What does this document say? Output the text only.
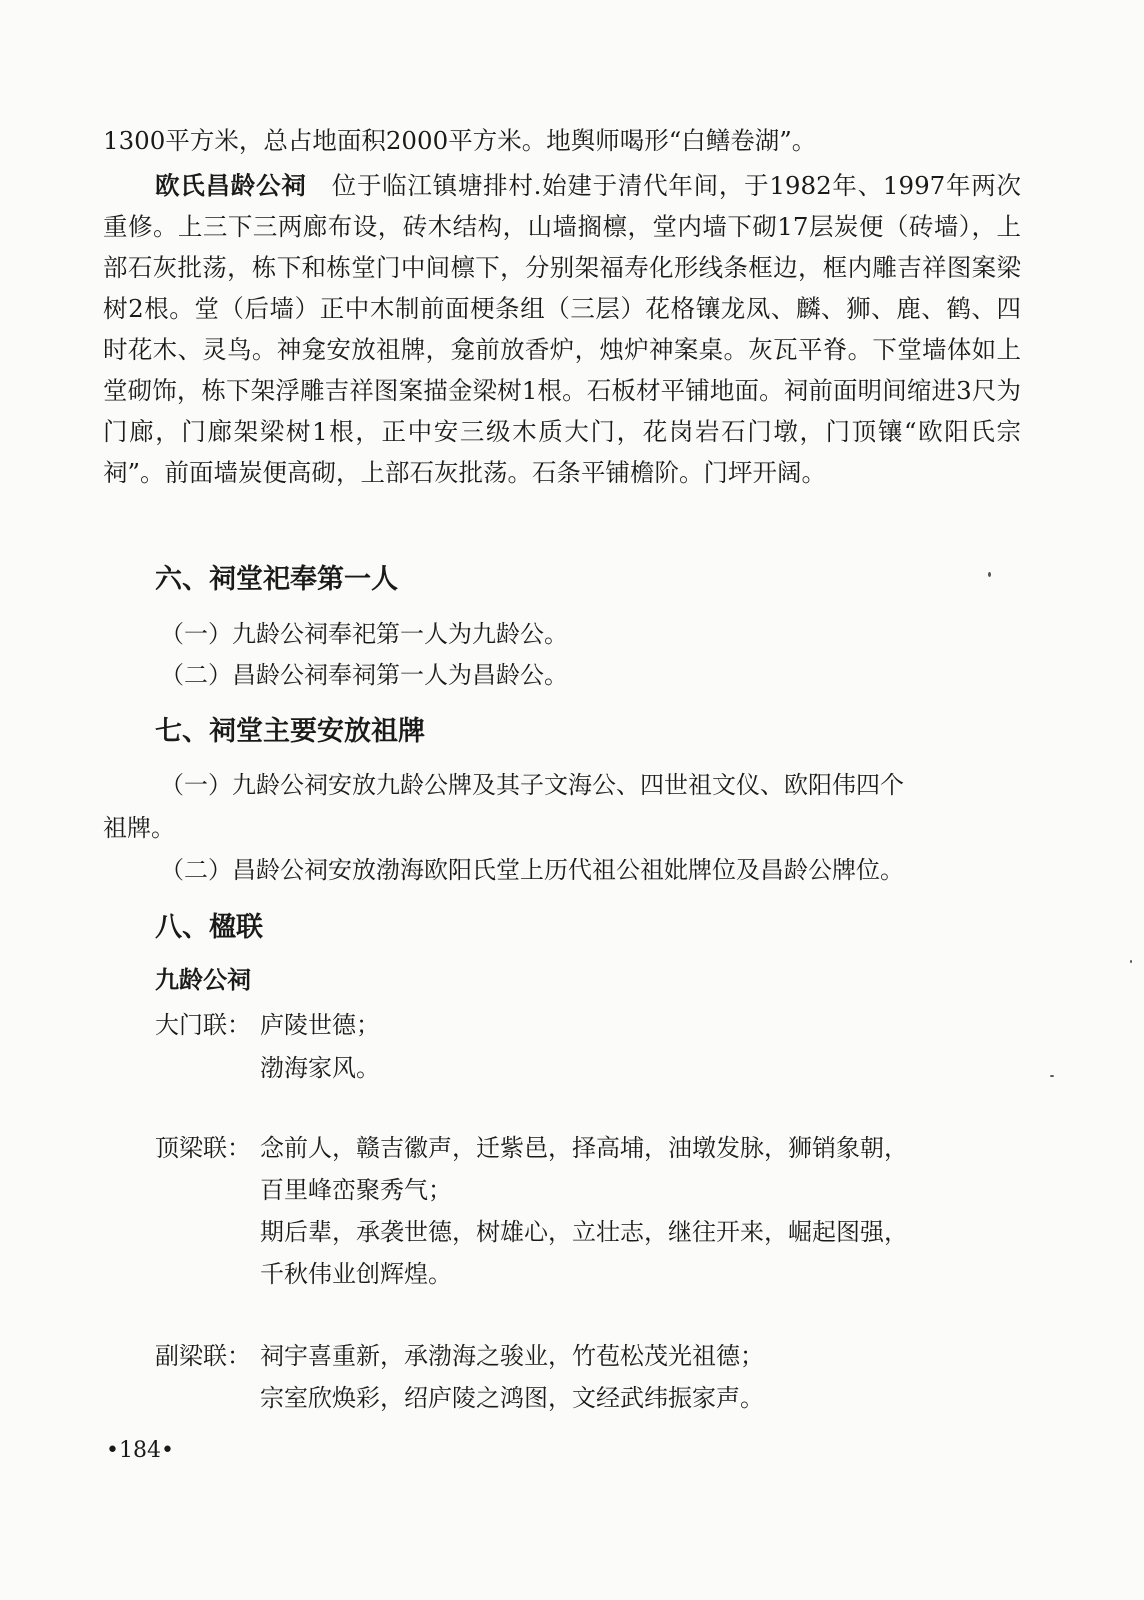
1300平方米，总占地面积2000平方米。地舆师喝形“白鳝卷湖”。

欧氏昌龄公祠　 位于临江镇塘排村.始建于清代年间，于1982年、1997年两次重修。上三下三两廊布设，砖木结构，山墙搁檩，堂内墙下砌17层炭便（砖墙），上部石灰批荡，栋下和栋堂门中间檩下，分别架福寿化形线条框边，框内雕吉祥图案梁树2根。堂（后墙）正中木制前面梗条组（三层）花格镶龙凤、麟、狮、鹿、鹤、四时花木、灵鸟。神龛安放祖牌，龛前放香炉，烛炉神案桌。灰瓦平脊。下堂墙体如上堂砌饰，栋下架浮雕吉祥图案描金梁树1根。石板材平铺地面。祠前面明间缩进3尺为门廊，门廊架梁树1根，正中安三级木质大门，花岗岩石门墩，门顶镶“欧阳氏宗祠”。前面墙炭便高砌，上部石灰批荡。石条平铺檐阶。门坪开阔。

六、祠堂祀奉第一人

（一）九龄公祠奉祀第一人为九龄公。

（二）昌龄公祠奉祠第一人为昌龄公。

七、祠堂主要安放祖牌

（一）九龄公祠安放九龄公牌及其子文海公、四世祖文仪、欧阳伟四个

祖牌。

（二）昌龄公祠安放渤海欧阳氏堂上历代祖公祖妣牌位及昌龄公牌位。

八、楹联
九龄公祠

大门联： 庐陵世德；

渤海家风。

顶梁联： 念前人，赣吉徽声，迁紫邑，择高埔，油墩发脉，狮销象朝，

百里峰峦聚秀气；

期后辈，承袭世德，树雄心，立壮志，继往开来，崛起图强，

千秋伟业创辉煌。

副梁联： 祠宇喜重新，承渤海之骏业，竹苞松茂光祖德；

宗室欣焕彩，绍庐陵之鸿图，文经武纬振家声。

•184•
